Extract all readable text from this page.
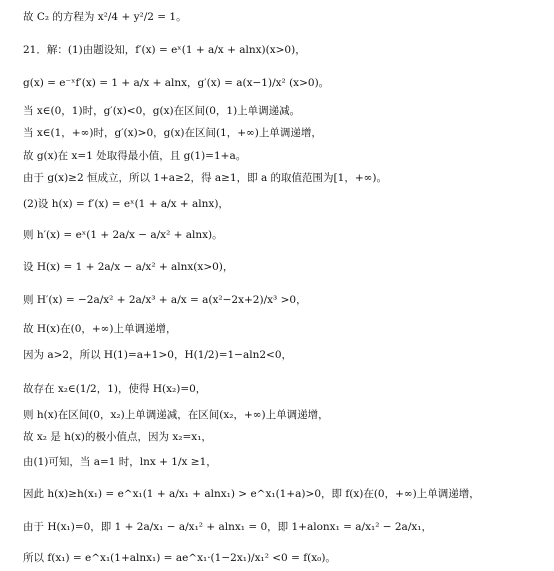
故 C₂ 的方程为 x²/4 + y²/2 = 1。
21．解：(1)由题设知，f′(x) = eˣ(1 + a/x + alnx)(x>0)，
g(x) = e⁻ˣf′(x) = 1 + a/x + alnx，g′(x) = a(x−1)/x² (x>0)。
当 x∈(0，1)时，g′(x)<0，g(x)在区间(0，1)上单调递减。
当 x∈(1，+∞)时，g′(x)>0，g(x)在区间(1，+∞)上单调递增，
故 g(x)在 x=1 处取得最小值，且 g(1)=1+a。
由于 g(x)≥2 恒成立，所以 1+a≥2，得 a≥1，即 a 的取值范围为[1，+∞)。
(2)设 h(x) = f′(x) = eˣ(1 + a/x + alnx)，
则 h′(x) = eˣ(1 + 2a/x − a/x² + alnx)。
设 H(x) = 1 + 2a/x − a/x² + alnx(x>0)，
则 H′(x) = −2a/x² + 2a/x³ + a/x = a(x²−2x+2)/x³ >0，
故 H(x)在(0，+∞)上单调递增，
因为 a>2，所以 H(1)=a+1>0，H(1/2)=1−aln2<0，
故存在 x₂∈(1/2，1)，使得 H(x₂)=0，
则 h(x)在区间(0，x₂)上单调递减，在区间(x₂，+∞)上单调递增，
故 x₂ 是 h(x)的极小值点，因为 x₂=x₁，
由(1)可知，当 a=1 时，lnx + 1/x ≥1，
因此 h(x)≥h(x₁) = e^x₁(1 + a/x₁ + alnx₁) > e^x₁(1+a)>0，即 f(x)在(0，+∞)上单调递增，
由于 H(x₁)=0，即 1 + 2a/x₁ − a/x₁² + alnx₁ = 0，即 1+alonx₁ = a/x₁² − 2a/x₁，
所以 f(x₁) = e^x₁(1+alnx₁) = ae^x₁·(1−2x₁)/x₁² <0 = f(x₀)。
